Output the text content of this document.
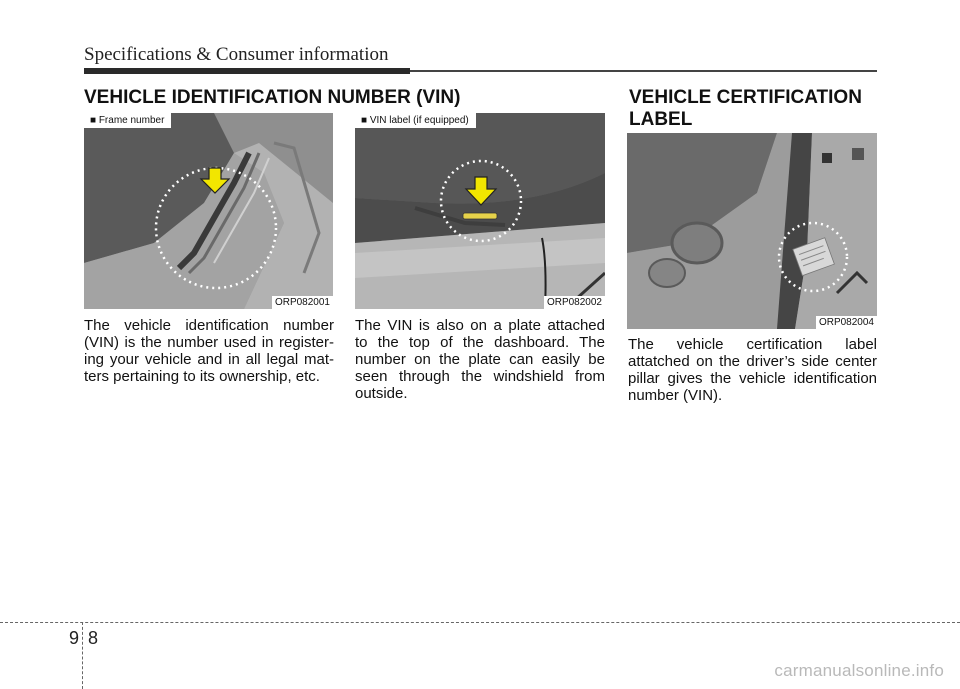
Specifications & Consumer information
VEHICLE IDENTIFICATION NUMBER (VIN)
■ Frame number
ORP082001
■ VIN label (if equipped)
ORP082002
VEHICLE CERTIFICATION
LABEL
ORP082004
The vehicle identification number (VIN) is the number used in register- ing your vehicle and in all legal mat- ters pertaining to its ownership, etc.
The VIN is also on a plate attached to the top of the dashboard. The number on the plate can easily be seen through the windshield from outside.
The vehicle certification label attatched on the driver’s side center pillar gives the vehicle identification number (VIN).
9 8
carmanualsonline.info
